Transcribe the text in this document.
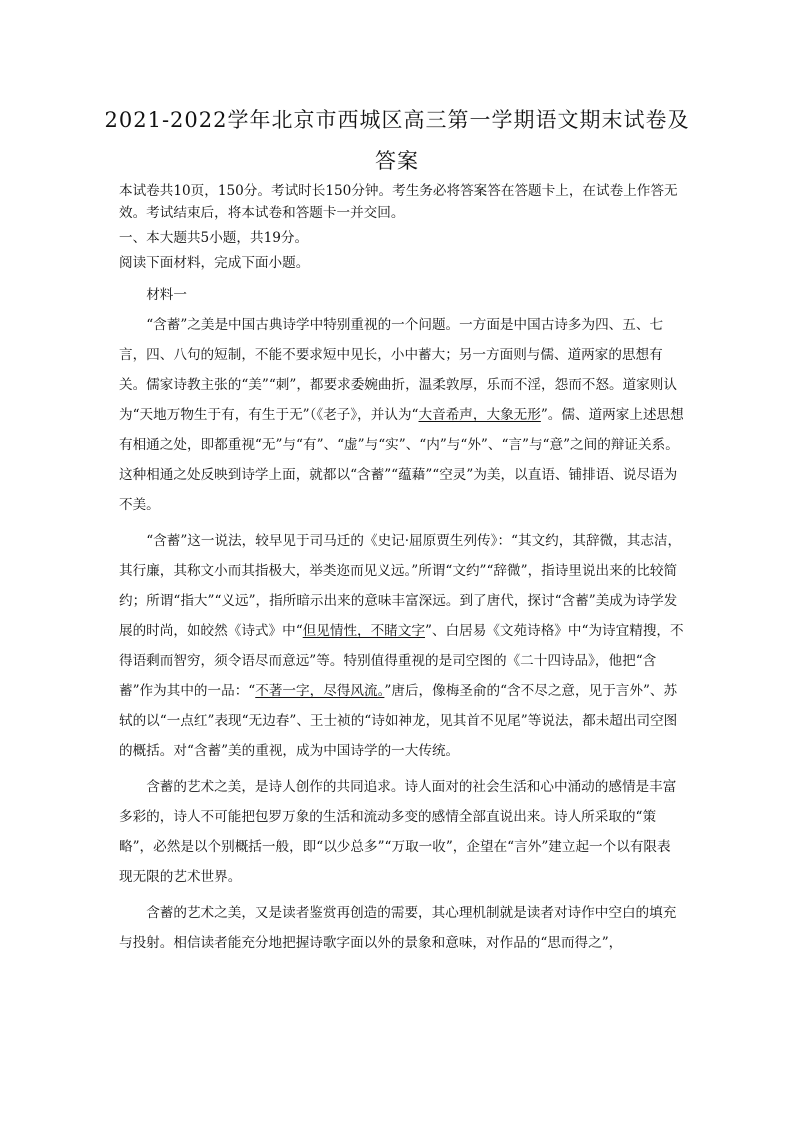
2021-2022学年北京市西城区高三第一学期语文期末试卷及
答案

本试卷共10页，150分。考试时长150分钟。考生务必将答案答在答题卡上，在试卷上作答无效。考试结束后，将本试卷和答题卡一并交回。

一、本大题共5小题，共19分。

阅读下面材料，完成下面小题。

材料一

“含蓄”之美是中国古典诗学中特别重视的一个问题。一方面是中国古诗多为四、五、七言，四、八句的短制，不能不要求短中见长，小中蓄大；另一方面则与儒、道两家的思想有关。儒家诗教主张的“美”“刺”，都要求委婉曲折，温柔敦厚，乐而不淫，怨而不怒。道家则认为“天地万物生于有，有生于无”（《老子》，并认为“大音希声，大象无形”。儒、道两家上述思想有相通之处，即都重视“无”与“有”、“虚”与“实”、“内”与“外”、“言”与“意”之间的辩证关系。这种相通之处反映到诗学上面，就都以“含蓄”“蕴藉”“空灵”为美，以直语、铺排语、说尽语为不美。

“含蓄”这一说法，较早见于司马迁的《史记·屈原贾生列传》：“其文约，其辞微，其志洁，其行廉，其称文小而其指极大，举类迩而见义远。”所谓“文约”“辞微”，指诗里说出来的比较简约；所谓“指大”“义远”，指所暗示出来的意味丰富深远。到了唐代，探讨“含蓄”美成为诗学发展的时尚，如皎然《诗式》中“但见情性，不睹文字”、白居易《文苑诗格》中“为诗宜精搜，不得语剩而智穷，须令语尽而意远”等。特别值得重视的是司空图的《二十四诗品》，他把“含蓄”作为其中的一品：“不著一字，尽得风流。”唐后，像梅圣俞的“含不尽之意，见于言外”、苏轼的以“一点红”表现“无边春”、王士祯的“诗如神龙，见其首不见尾”等说法，都未超出司空图的概括。对“含蓄”美的重视，成为中国诗学的一大传统。

含蓄的艺术之美，是诗人创作的共同追求。诗人面对的社会生活和心中涌动的感情是丰富多彩的，诗人不可能把包罗万象的生活和流动多变的感情全部直说出来。诗人所采取的“策略”，必然是以个别概括一般，即“以少总多”“万取一收”，企望在“言外”建立起一个以有限表现无限的艺术世界。

含蓄的艺术之美，又是读者鉴赏再创造的需要，其心理机制就是读者对诗作中空白的填充与投射。相信读者能充分地把握诗歌字面以外的景象和意味，对作品的“思而得之”，
